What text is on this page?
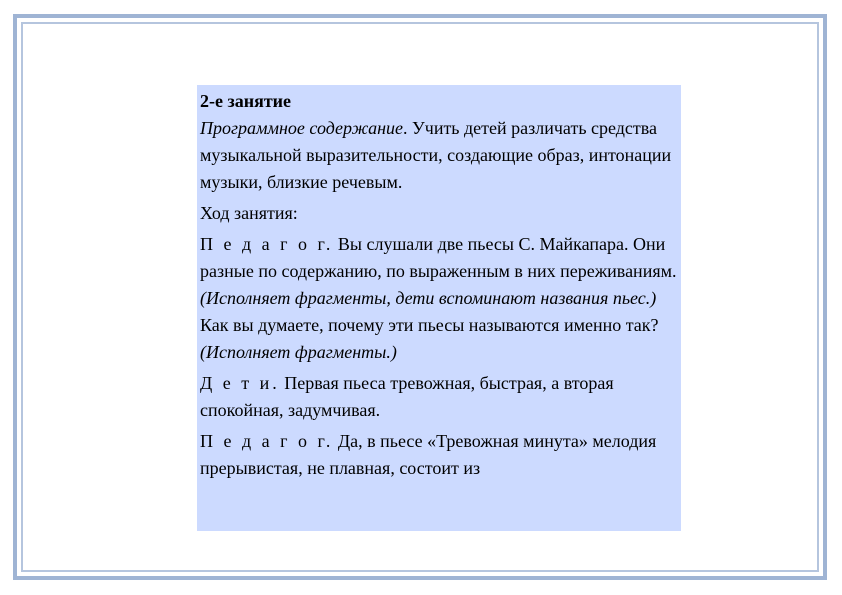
2-е занятие

Программное содержание. Учить детей различать средства музыкальной выразительности, создающие образ, интонации музыки, близкие речевым.

Ход занятия:

П е д а г о г. Вы слушали две пьесы С. Майкапара. Они разные по содержанию, по выраженным в них переживаниям. (Исполняет фрагменты, дети вспоминают названия пьес.)

Как вы думаете, почему эти пьесы называются именно так? (Исполняет фрагменты.)

Д е т и. Первая пьеса тревожная, быстрая, а вторая спокойная, задумчивая.

П е д а г о г. Да, в пьесе «Тревожная минута» мелодия прерывистая, не плавная, состоит из
